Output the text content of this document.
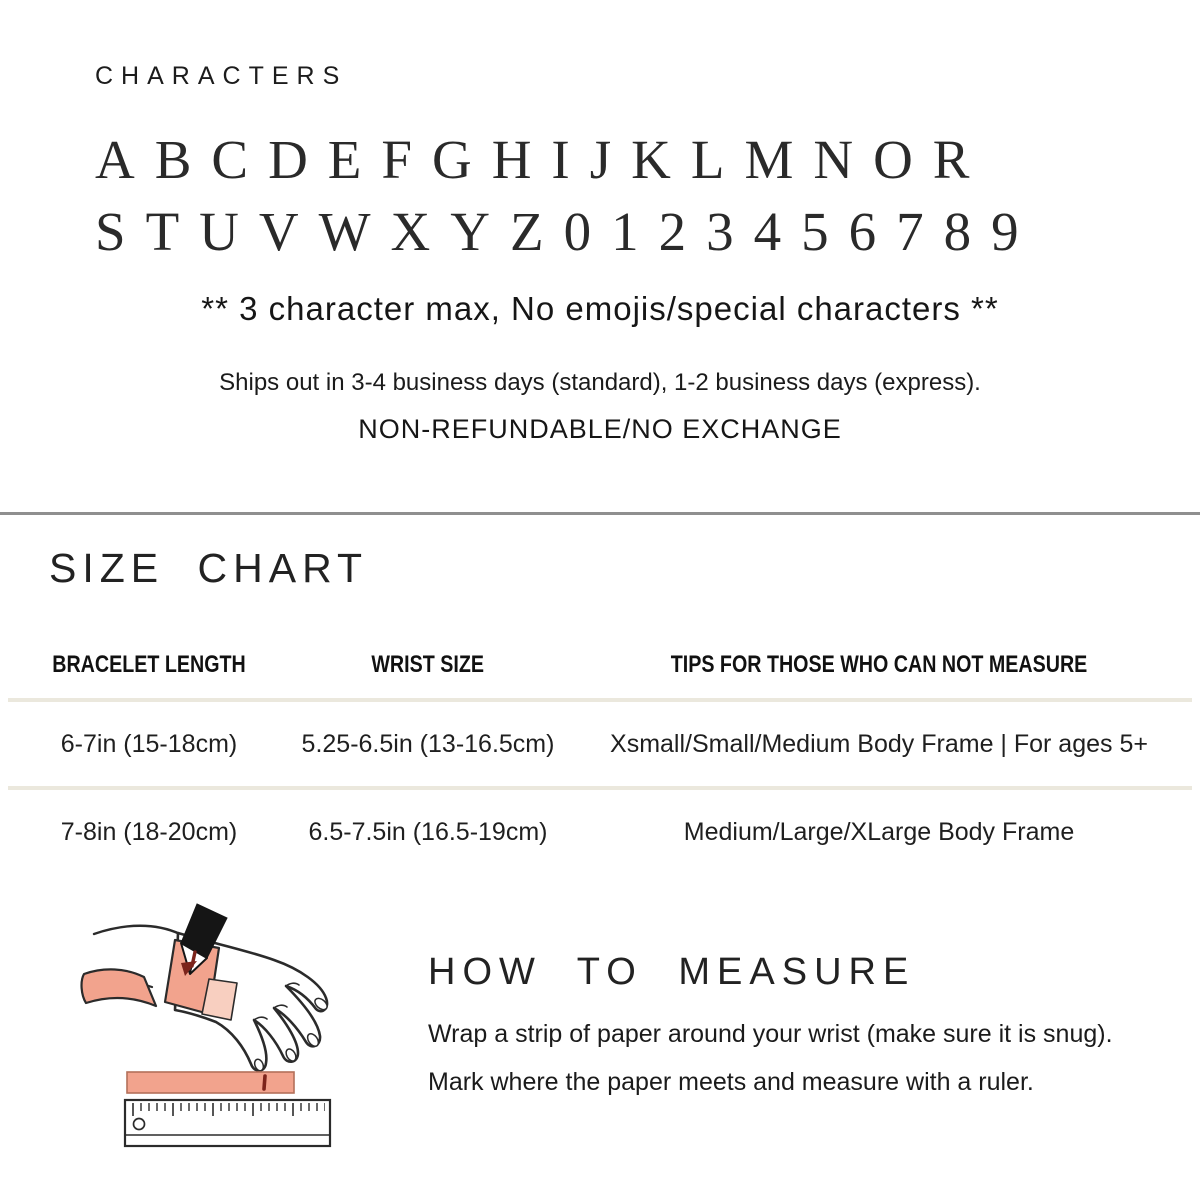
CHARACTERS
ABCDEFGHIJKLMNOR
STUVWXYZ0123456789
** 3 character max, No emojis/special characters **
Ships out in 3-4 business days (standard), 1-2 business days (express).
NON-REFUNDABLE/NO EXCHANGE
SIZE CHART
BRACELET LENGTH	WRIST SIZE	TIPS FOR THOSE WHO CAN NOT MEASURE
6-7in (15-18cm)	5.25-6.5in (13-16.5cm)	Xsmall/Small/Medium Body Frame | For ages 5+
7-8in (18-20cm)	6.5-7.5in (16.5-19cm)	Medium/Large/XLarge Body Frame
HOW TO MEASURE

Wrap a strip of paper around your wrist (make sure it is snug).

Mark where the paper meets and measure with a ruler.
